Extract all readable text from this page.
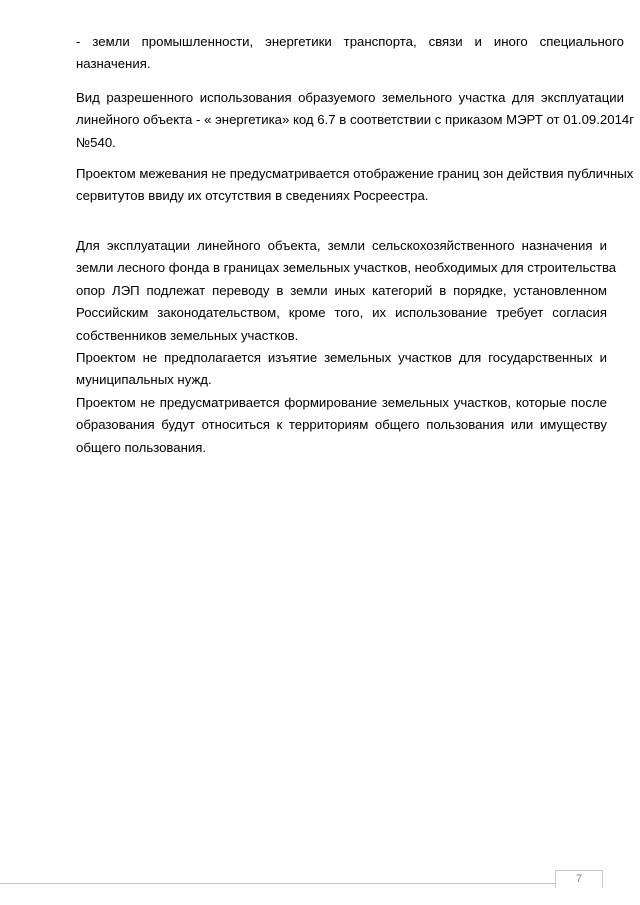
- земли промышленности, энергетики транспорта, связи и иного специального
назначения.
Вид разрешенного использования образуемого земельного участка для эксплуатации
линейного объекта - « энергетика» код 6.7 в соответствии с приказом МЭРТ от 01.09.2014г
№540.
Проектом межевания не предусматривается отображение границ зон действия публичных
сервитутов ввиду их отсутствия в сведениях Росреестра.
Для эксплуатации линейного объекта, земли сельскохозяйственного назначения и
земли лесного фонда в границах земельных участков, необходимых для строительства
опор ЛЭП подлежат переводу в земли иных категорий в порядке, установленном
Российским законодательством, кроме того, их использование требует согласия
собственников земельных участков.
Проектом не предполагается изъятие земельных участков для государственных и
муниципальных нужд.
Проектом не предусматривается формирование земельных участков, которые после
образования будут относиться к территориям общего пользования или имуществу
общего пользования.
7
